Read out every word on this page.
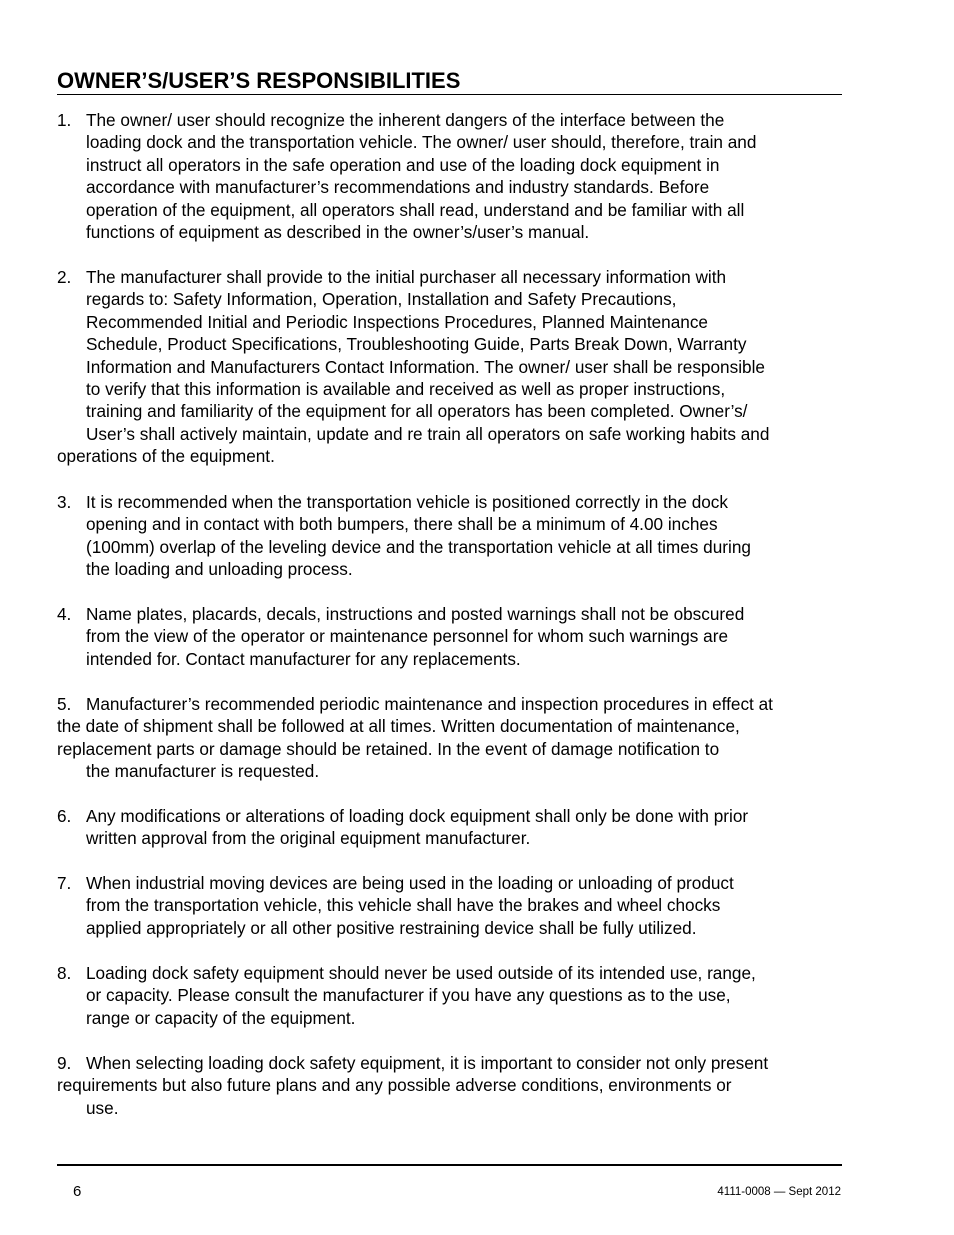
OWNER’S/USER’S RESPONSIBILITIES
1. The owner/ user should recognize the inherent dangers of the interface between the
loading dock and the transportation vehicle. The owner/ user should, therefore, train and
instruct all operators in the safe operation and use of the loading dock equipment in
accordance with manufacturer’s recommendations and industry standards. Before
operation of the equipment, all operators shall read, understand and be familiar with all
functions of equipment as described in the owner’s/user’s manual.
2. The manufacturer shall provide to the initial purchaser all necessary information with
regards to: Safety Information, Operation, Installation and Safety Precautions,
Recommended Initial and Periodic Inspections Procedures, Planned Maintenance
Schedule, Product Specifications, Troubleshooting Guide, Parts Break Down, Warranty
Information and Manufacturers Contact Information. The owner/ user shall be responsible
to verify that this information is available and received as well as proper instructions,
training and familiarity of the equipment for all operators has been completed. Owner’s/
User’s shall actively maintain, update and re train all operators on safe working habits and
operations of the equipment.
3. It is recommended when the transportation vehicle is positioned correctly in the dock
opening and in contact with both bumpers, there shall be a minimum of 4.00 inches
(100mm) overlap of the leveling device and the transportation vehicle at all times during
the loading and unloading process.
4. Name plates, placards, decals, instructions and posted warnings shall not be obscured
from the view of the operator or maintenance personnel for whom such warnings are
intended for. Contact manufacturer for any replacements.
5. Manufacturer’s recommended periodic maintenance and inspection procedures in effect at
the date of shipment shall be followed at all times. Written documentation of maintenance,
replacement parts or damage should be retained. In the event of damage notification to
the manufacturer is requested.
6. Any modifications or alterations of loading dock equipment shall only be done with prior
written approval from the original equipment manufacturer.
7. When industrial moving devices are being used in the loading or unloading of product
from the transportation vehicle, this vehicle shall have the brakes and wheel chocks
applied appropriately or all other positive restraining device shall be fully utilized.
8. Loading dock safety equipment should never be used outside of its intended use, range,
or capacity. Please consult the manufacturer if you have any questions as to the use,
range or capacity of the equipment.
9. When selecting loading dock safety equipment, it is important to consider not only present
requirements but also future plans and any possible adverse conditions, environments or
use.
6	4111-0008 — Sept 2012
